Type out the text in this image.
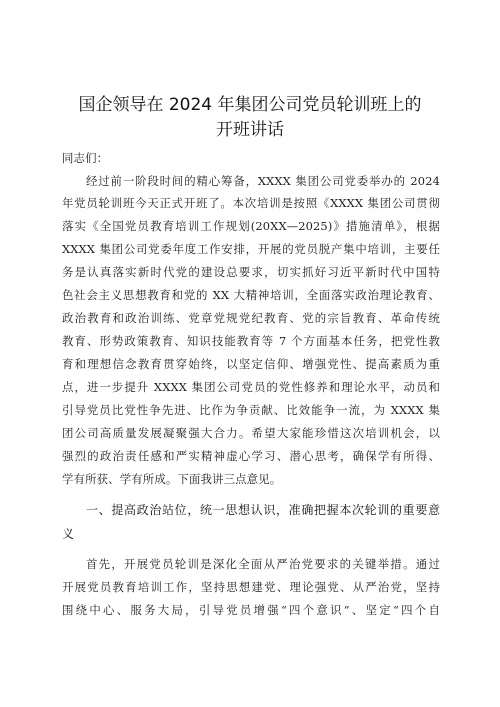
国企领导在 2024 年集团公司党员轮训班上的
开班讲话
同志们：
经过前一阶段时间的精心筹备，XXXX 集团公司党委举办的 2024
年党员轮训班今天正式开班了。本次培训是按照《XXXX 集团公司贯彻
落实《全国党员教育培训工作规划(20XX—2025)》措施清单》，根据
XXXX 集团公司党委年度工作安排，开展的党员脱产集中培训，主要任
务是认真落实新时代党的建设总要求，切实抓好习近平新时代中国特
色社会主义思想教育和党的 XX 大精神培训，全面落实政治理论教育、
政治教育和政治训练、党章党规党纪教育、党的宗旨教育、革命传统
教育、形势政策教育、知识技能教育等 7 个方面基本任务，把党性教
育和理想信念教育贯穿始终，以坚定信仰、增强党性、提高素质为重
点，进一步提升 XXXX 集团公司党员的党性修养和理论水平，动员和
引导党员比党性争先进、比作为争贡献、比效能争一流，为 XXXX 集
团公司高质量发展凝聚强大合力。希望大家能珍惜这次培训机会，以
强烈的政治责任感和严实精神虚心学习、潜心思考，确保学有所得、
学有所获、学有所成。下面我讲三点意见。
一、提高政治站位，统一思想认识，准确把握本次轮训的重要意
义
首先，开展党员轮训是深化全面从严治党要求的关键举措。通过
开展党员教育培训工作，坚持思想建党、理论强党、从严治党，坚持
围绕中心、服务大局，引导党员增强“四个意识”、坚定“四个自
